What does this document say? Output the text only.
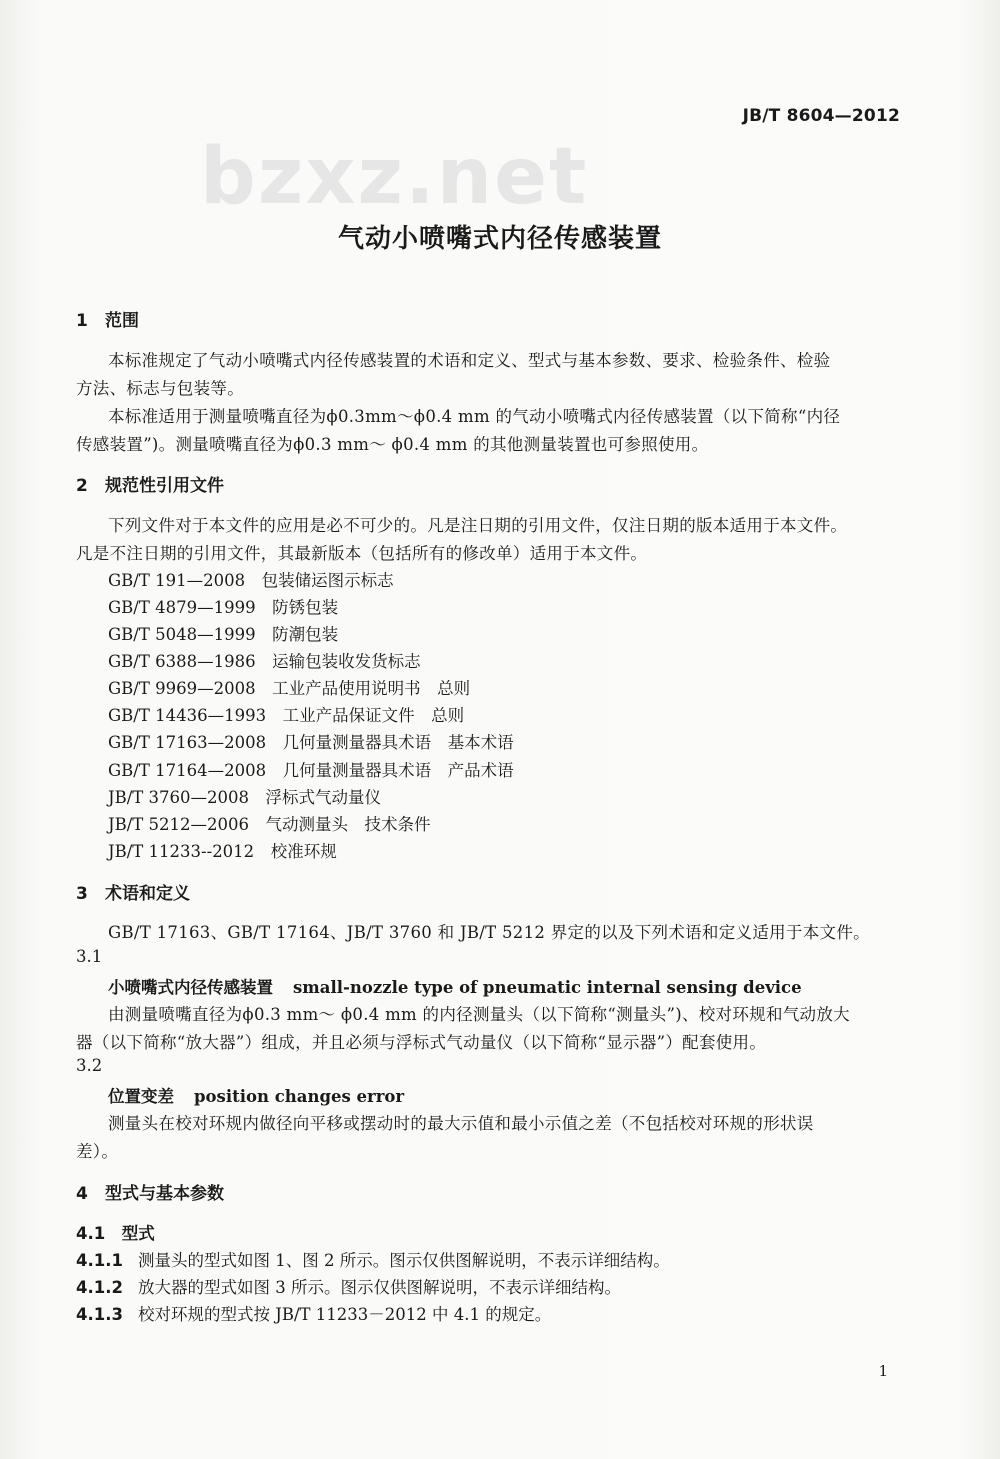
JB/T 8604—2012
bzxz.net
气动小喷嘴式内径传感装置
1 范围
本标准规定了气动小喷嘴式内径传感装置的术语和定义、型式与基本参数、要求、检验条件、检验
方法、标志与包装等。
本标准适用于测量喷嘴直径为ϕ0.3mm～ϕ0.4 mm 的气动小喷嘴式内径传感装置（以下简称“内径
传感装置”)。测量喷嘴直径为ϕ0.3 mm～ ϕ0.4 mm 的其他测量装置也可参照使用。
2 规范性引用文件
下列文件对于本文件的应用是必不可少的。凡是注日期的引用文件，仅注日期的版本适用于本文件。
凡是不注日期的引用文件，其最新版本（包括所有的修改单）适用于本文件。
GB/T 191—2008　 包装储运图示标志
GB/T 4879—1999　 防锈包装
GB/T 5048—1999　 防潮包装
GB/T 6388—1986　 运输包装收发货标志
GB/T 9969—2008　 工业产品使用说明书　总则
GB/T 14436—1993　 工业产品保证文件　总则
GB/T 17163—2008　 几何量测量器具术语　基本术语
GB/T 17164—2008　 几何量测量器具术语　产品术语
JB/T 3760—2008　 浮标式气动量仪
JB/T 5212—2006　 气动测量头　技术条件
JB/T 11233--2012　 校准环规
3 术语和定义
GB/T 17163、GB/T 17164、JB/T 3760 和 JB/T 5212 界定的以及下列术语和定义适用于本文件。
3.1
小喷嘴式内径传感装置 small-nozzle type of pneumatic internal sensing device
由测量喷嘴直径为ϕ0.3 mm～ ϕ0.4 mm 的内径测量头（以下简称“测量头”)、校对环规和气动放大
器（以下简称“放大器”）组成，并且必须与浮标式气动量仪（以下简称“显示器”）配套使用。
3.2
位置变差 position changes error
测量头在校对环规内做径向平移或摆动时的最大示值和最小示值之差（不包括校对环规的形状误
差）。
4 型式与基本参数
4.1　 型式
4.1.1 测量头的型式如图 1、图 2 所示。图示仅供图解说明，不表示详细结构。
4.1.2 放大器的型式如图 3 所示。图示仅供图解说明，不表示详细结构。
4.1.3 校对环规的型式按 JB/T 11233－2012 中 4.1 的规定。
1
